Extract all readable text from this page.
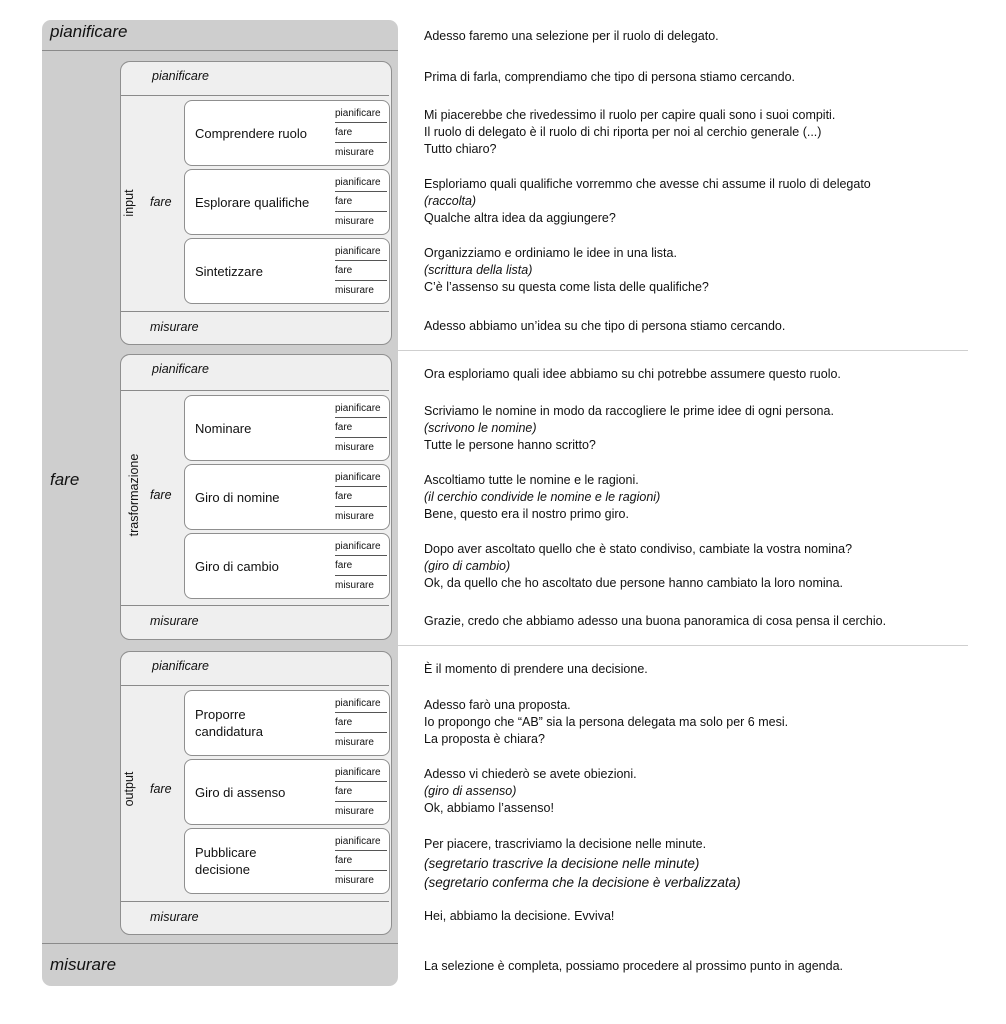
pianificare
fare
misurare
pianificare
input fare
misurare
Comprendere ruolo
pianificare
fare
misurare
Esplorare qualifiche
pianificare
fare
misurare
Sintetizzare
pianificare
fare
misurare
pianificare
trasformazione fare
misurare
Nominare
pianificare
fare
misurare
Giro di nomine
pianificare
fare
misurare
Giro di cambio
pianificare
fare
misurare
pianificare
output fare
misurare
Proporre candidatura
pianificare
fare
misurare
Giro di assenso
pianificare
fare
misurare
Pubblicare decisione
pianificare
fare
misurare
Adesso faremo una selezione per il ruolo di delegato.
Prima di farla, comprendiamo che tipo di persona stiamo cercando.
Mi piacerebbe che rivedessimo il ruolo per capire quali sono i suoi compiti.
Il ruolo di delegato è il ruolo di chi riporta per noi al cerchio generale (...)
Tutto chiaro?
Esploriamo quali qualifiche vorremmo che avesse chi assume il ruolo di delegato
(raccolta)
Qualche altra idea da aggiungere?
Organizziamo e ordiniamo le idee in una lista.
(scrittura della lista)
C’è l’assenso su questa come lista delle qualifiche?
Adesso abbiamo un’idea su che tipo di persona stiamo cercando.
Ora esploriamo quali idee abbiamo su chi potrebbe assumere questo ruolo.
Scriviamo le nomine in modo da raccogliere le prime idee di ogni persona.
(scrivono le nomine)
Tutte le persone hanno scritto?
Ascoltiamo tutte le nomine e le ragioni.
(il cerchio condivide le nomine e le ragioni)
Bene, questo era il nostro primo giro.
Dopo aver ascoltato quello che è stato condiviso, cambiate la vostra nomina?
(giro di cambio)
Ok, da quello che ho ascoltato due persone hanno cambiato la loro nomina.
Grazie, credo che abbiamo adesso una buona panoramica di cosa pensa il cerchio.
È il momento di prendere una decisione.
Adesso farò una proposta.
Io propongo che “AB” sia la persona delegata ma solo per 6 mesi.
La proposta è chiara?
Adesso vi chiederò se avete obiezioni.
(giro di assenso)
Ok, abbiamo l’assenso!
Per piacere, trascriviamo la decisione nelle minute.
(segretario trascrive la decisione nelle minute)
(segretario conferma che la decisione è verbalizzata)
Hei, abbiamo la decisione. Evviva!
La selezione è completa, possiamo procedere al prossimo punto in agenda.
